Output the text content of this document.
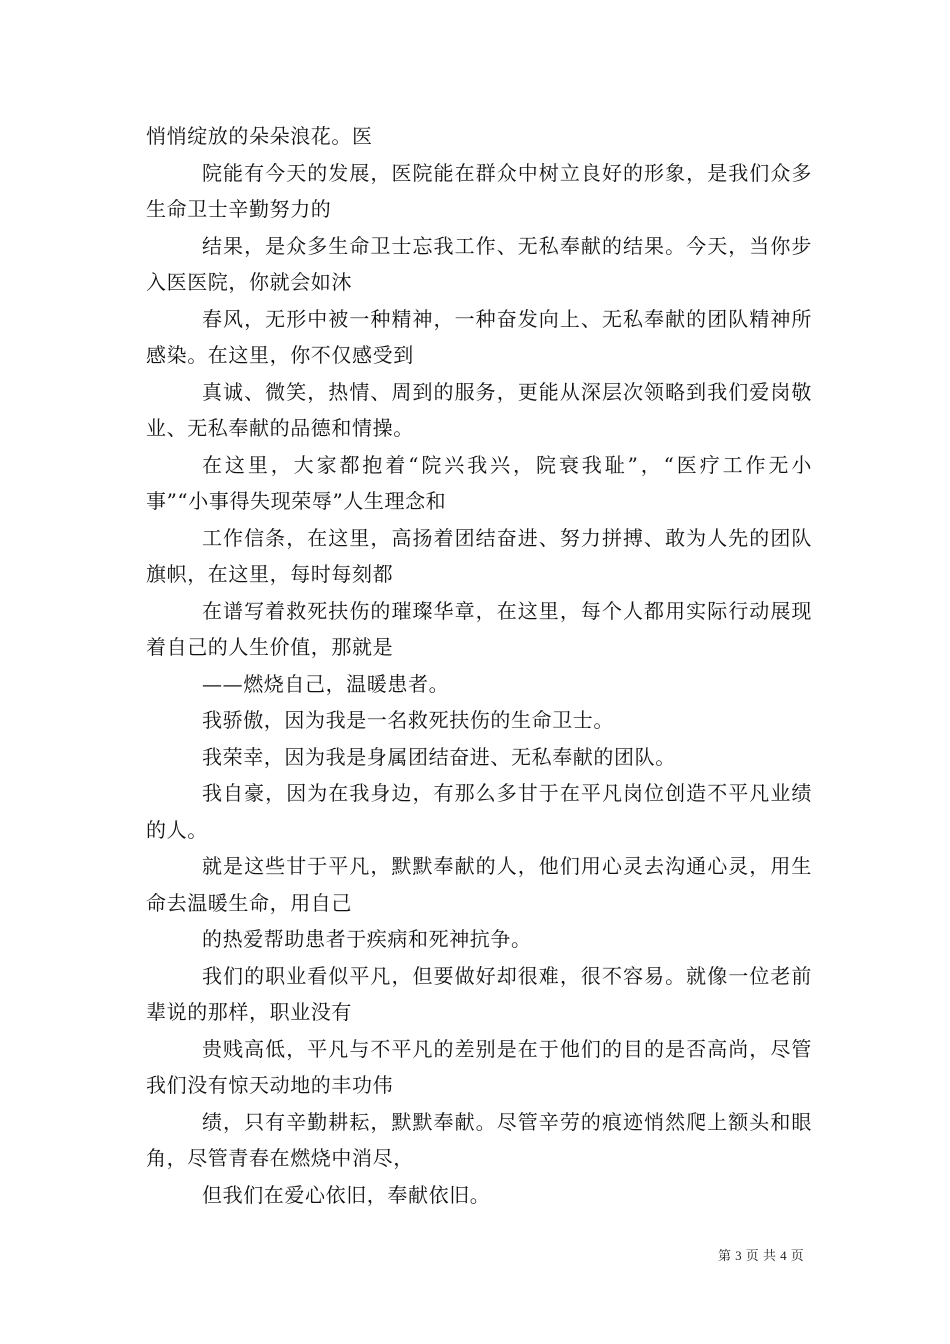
悄悄绽放的朵朵浪花。医

院能有今天的发展，医院能在群众中树立良好的形象，是我们众多生命卫士辛勤努力的

结果，是众多生命卫士忘我工作、无私奉献的结果。今天，当你步入医医院，你就会如沐

春风，无形中被一种精神，一种奋发向上、无私奉献的团队精神所感染。在这里，你不仅感受到

真诚、微笑，热情、周到的服务，更能从深层次领略到我们爱岗敬业、无私奉献的品德和情操。

在这里，大家都抱着“院兴我兴，院衰我耻”，“医疗工作无小事”“小事得失现荣辱”人生理念和

工作信条，在这里，高扬着团结奋进、努力拼搏、敢为人先的团队旗帜，在这里，每时每刻都

在谱写着救死扶伤的璀璨华章，在这里，每个人都用实际行动展现着自己的人生价值，那就是

——燃烧自己，温暖患者。

我骄傲，因为我是一名救死扶伤的生命卫士。

我荣幸，因为我是身属团结奋进、无私奉献的团队。

我自豪，因为在我身边，有那么多甘于在平凡岗位创造不平凡业绩的人。

就是这些甘于平凡，默默奉献的人，他们用心灵去沟通心灵，用生命去温暖生命，用自己

的热爱帮助患者于疾病和死神抗争。

我们的职业看似平凡，但要做好却很难，很不容易。就像一位老前辈说的那样，职业没有

贵贱高低，平凡与不平凡的差别是在于他们的目的是否高尚，尽管我们没有惊天动地的丰功伟

绩，只有辛勤耕耘，默默奉献。尽管辛劳的痕迹悄然爬上额头和眼角，尽管青春在燃烧中消尽，

但我们在爱心依旧，奉献依旧。

第 3 页 共 4 页
